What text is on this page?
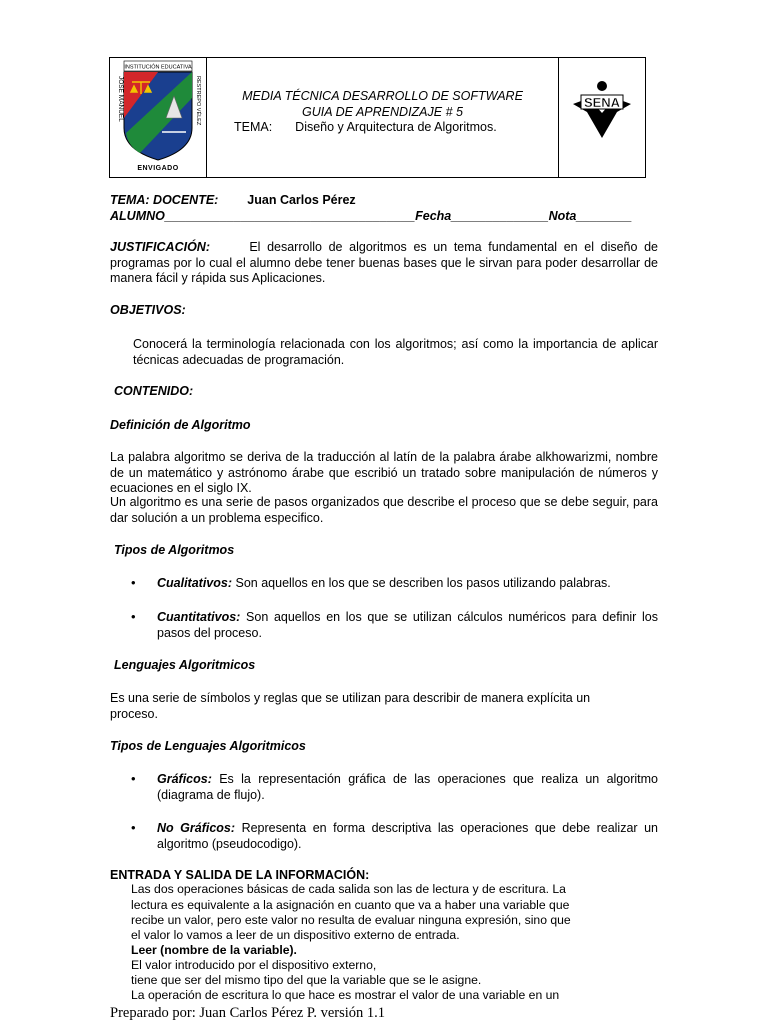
INSTITUCIÓN EDUCATIVA
JOSE MANUEL	RESTREPO VÉLEZ
ENVIGADO
MEDIA TÉCNICA DESARROLLO DE SOFTWARE
GUIA DE APRENDIZAJE # 5
TEMA: Diseño y Arquitectura de Algoritmos.
SENA
TEMA: DOCENTE: Juan Carlos Pérez
ALUMNO____________________________________Fecha______________Nota________
JUSTIFICACIÓN:	El desarrollo de algoritmos es un tema fundamental en el diseño de programas por lo cual el alumno debe tener buenas bases que le sirvan para poder desarrollar de manera fácil y rápida sus Aplicaciones.
OBJETIVOS:
Conocerá la terminología relacionada con los algoritmos; así como la importancia de aplicar técnicas adecuadas de programación.
CONTENIDO:
Definición de Algoritmo
La palabra algoritmo se deriva de la traducción al latín de la palabra árabe alkhowarizmi, nombre de un matemático y astrónomo árabe que escribió un tratado sobre manipulación de números y ecuaciones en el siglo IX.
Un algoritmo es una serie de pasos organizados que describe el proceso que se debe seguir, para dar solución a un problema especifico.
Tipos de Algoritmos
• Cualitativos: Son aquellos en los que se describen los pasos utilizando palabras.
• Cuantitativos: Son aquellos en los que se utilizan cálculos numéricos para definir los pasos del proceso.
Lenguajes Algoritmicos
Es una serie de símbolos y reglas que se utilizan para describir de manera explícita un proceso.
Tipos de Lenguajes Algoritmicos
• Gráficos: Es la representación gráfica de las operaciones que realiza un algoritmo (diagrama de flujo).
• No Gráficos: Representa en forma descriptiva las operaciones que debe realizar un algoritmo (pseudocodigo).
ENTRADA Y SALIDA DE LA INFORMACIÓN:
Las dos operaciones básicas de cada salida son las de lectura y de escritura. La
lectura es equivalente a la asignación en cuanto que va a haber una variable que
recibe un valor, pero este valor no resulta de evaluar ninguna expresión, sino que
el valor lo vamos a leer de un dispositivo externo de entrada.
Leer (nombre de la variable).
El valor introducido por el dispositivo externo,
tiene que ser del mismo tipo del que la variable que se le asigne.
La operación de escritura lo que hace es mostrar el valor de una variable en un
Preparado por: Juan Carlos Pérez P. versión 1.1
